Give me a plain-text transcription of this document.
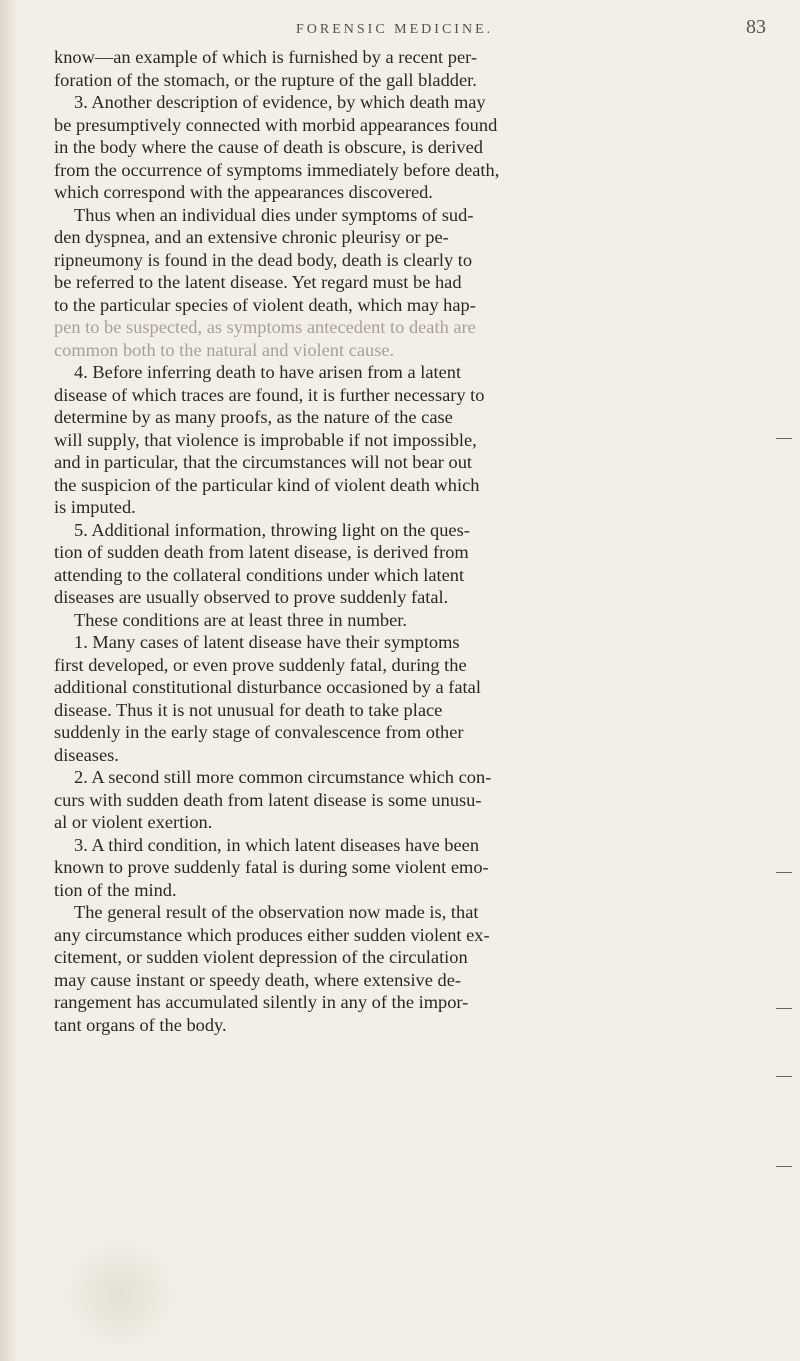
FORENSIC MEDICINE.	83
know—an example of which is furnished by a recent per-
foration of the stomach, or the rupture of the gall bladder.
3. Another description of evidence, by which death may
be presumptively connected with morbid appearances found
in the body where the cause of death is obscure, is derived
from the occurrence of symptoms immediately before death,
which correspond with the appearances discovered.
Thus when an individual dies under symptoms of sud-
den dyspnea, and an extensive chronic pleurisy or pe-
ripneumony is found in the dead body, death is clearly to
be referred to the latent disease. Yet regard must be had
to the particular species of violent death, which may hap-
pen to be suspected, as symptoms antecedent to death are
common both to the natural and violent cause.
4. Before inferring death to have arisen from a latent
disease of which traces are found, it is further necessary to
determine by as many proofs, as the nature of the case
will supply, that violence is improbable if not impossible,
and in particular, that the circumstances will not bear out
the suspicion of the particular kind of violent death which
is imputed.
5. Additional information, throwing light on the ques-
tion of sudden death from latent disease, is derived from
attending to the collateral conditions under which latent
diseases are usually observed to prove suddenly fatal.
These conditions are at least three in number.
1. Many cases of latent disease have their symptoms
first developed, or even prove suddenly fatal, during the
additional constitutional disturbance occasioned by a fatal
disease. Thus it is not unusual for death to take place
suddenly in the early stage of convalescence from other
diseases.
2. A second still more common circumstance which con-
curs with sudden death from latent disease is some unusu-
al or violent exertion.
3. A third condition, in which latent diseases have been
known to prove suddenly fatal is during some violent emo-
tion of the mind.
The general result of the observation now made is, that
any circumstance which produces either sudden violent ex-
citement, or sudden violent depression of the circulation
may cause instant or speedy death, where extensive de-
rangement has accumulated silently in any of the impor-
tant organs of the body.
